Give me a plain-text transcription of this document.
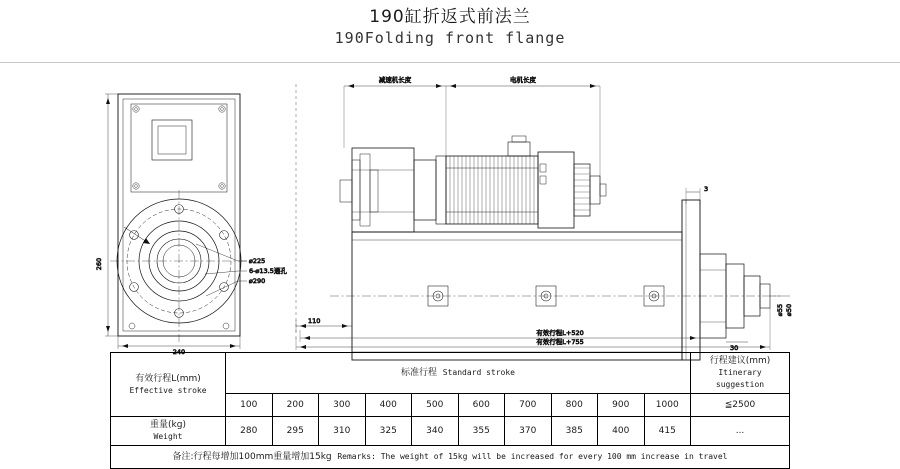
190缸折返式前法兰
190Folding front flange
260
240
⌀225
6-⌀13.5通孔
⌀290
3
30
⌀55 ⌀50
减速机长度	电机长度
110
有效行程L+520
有效行程L+755
有效行程L(mm)
Effective stroke	标准行程 Standard stroke										行程建议(mm)
Itinerary suggestion

	100	200	300	400	500	600	700	800	900	1000	≦2500

重量(kg)
Weight	280	295	310	325	340	355	370	385	400	415	...
备注:行程每增加100mm重量增加15kg Remarks: The weight of 15kg will be increased for every 100 mm increase in travel											
